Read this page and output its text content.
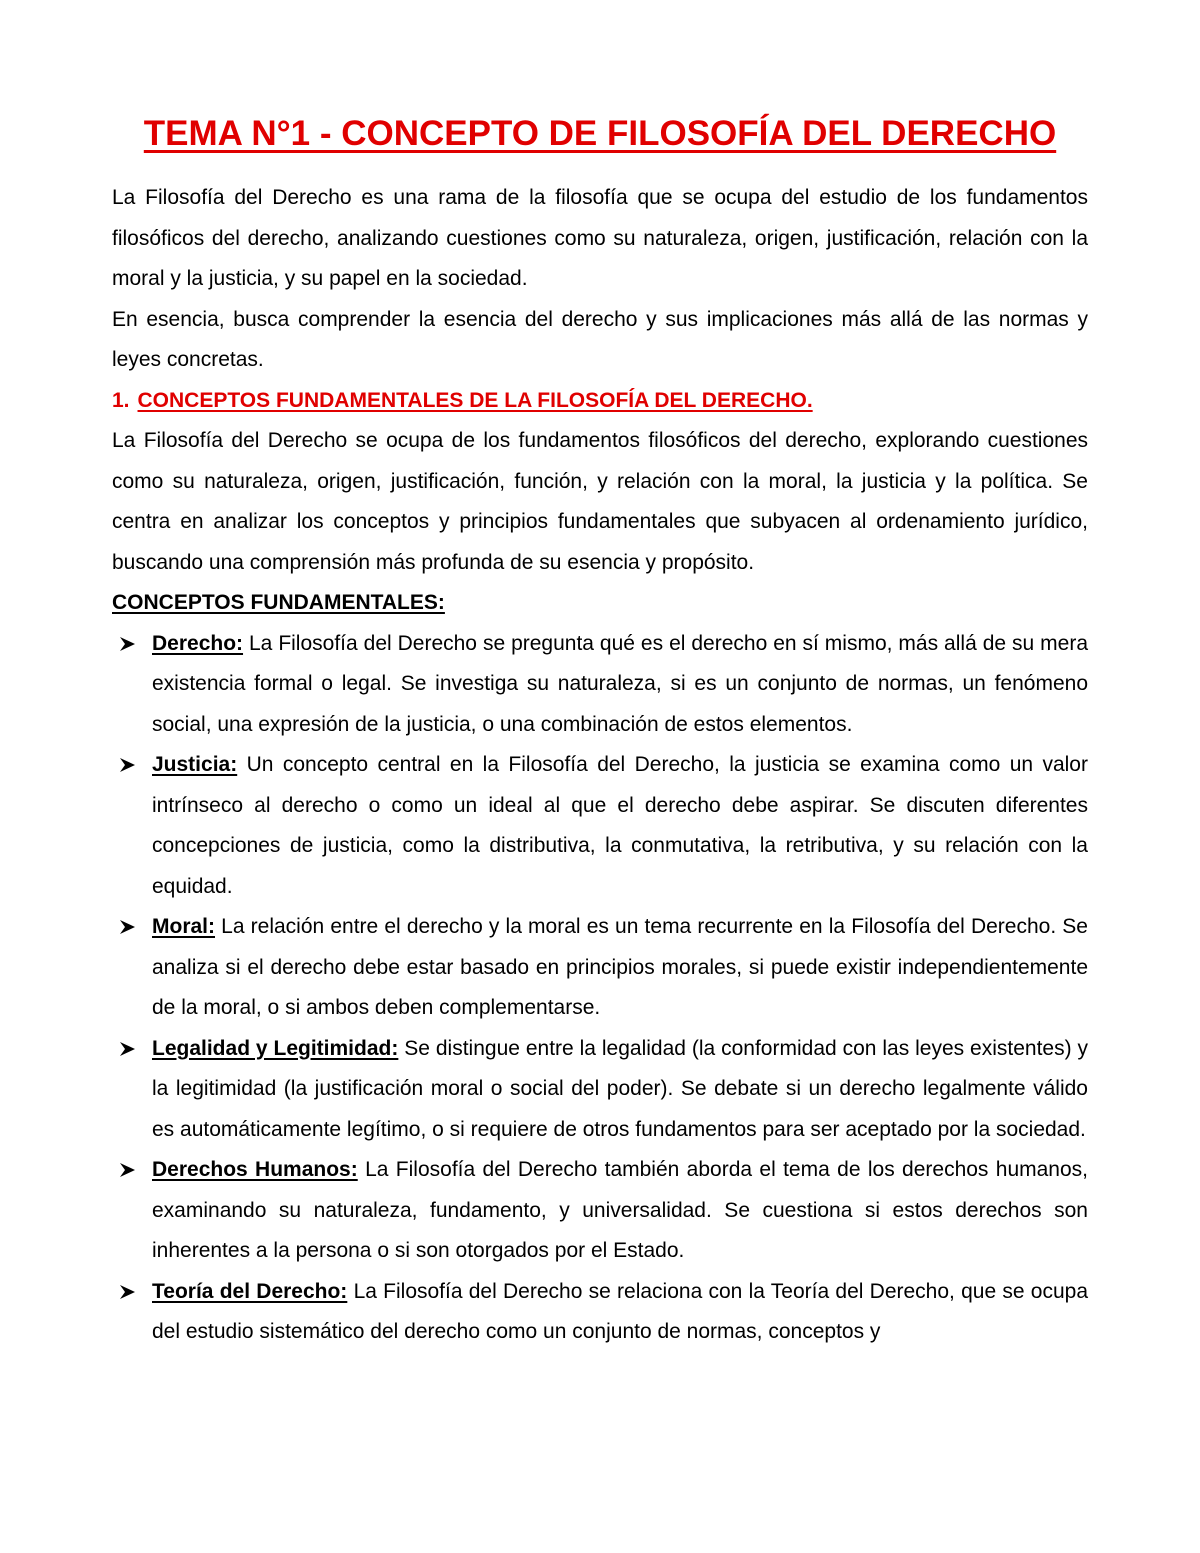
TEMA N°1 - CONCEPTO DE FILOSOFÍA DEL DERECHO

La Filosofía del Derecho es una rama de la filosofía que se ocupa del estudio de los fundamentos filosóficos del derecho, analizando cuestiones como su naturaleza, origen, justificación, relación con la moral y la justicia, y su papel en la sociedad.

En esencia, busca comprender la esencia del derecho y sus implicaciones más allá de las normas y leyes concretas.

1. CONCEPTOS FUNDAMENTALES DE LA FILOSOFÍA DEL DERECHO.

La Filosofía del Derecho se ocupa de los fundamentos filosóficos del derecho, explorando cuestiones como su naturaleza, origen, justificación, función, y relación con la moral, la justicia y la política. Se centra en analizar los conceptos y principios fundamentales que subyacen al ordenamiento jurídico, buscando una comprensión más profunda de su esencia y propósito.

CONCEPTOS FUNDAMENTALES:

Derecho: La Filosofía del Derecho se pregunta qué es el derecho en sí mismo, más allá de su mera existencia formal o legal. Se investiga su naturaleza, si es un conjunto de normas, un fenómeno social, una expresión de la justicia, o una combinación de estos elementos.
Justicia: Un concepto central en la Filosofía del Derecho, la justicia se examina como un valor intrínseco al derecho o como un ideal al que el derecho debe aspirar. Se discuten diferentes concepciones de justicia, como la distributiva, la conmutativa, la retributiva, y su relación con la equidad.
Moral: La relación entre el derecho y la moral es un tema recurrente en la Filosofía del Derecho. Se analiza si el derecho debe estar basado en principios morales, si puede existir independientemente de la moral, o si ambos deben complementarse.
Legalidad y Legitimidad: Se distingue entre la legalidad (la conformidad con las leyes existentes) y la legitimidad (la justificación moral o social del poder). Se debate si un derecho legalmente válido es automáticamente legítimo, o si requiere de otros fundamentos para ser aceptado por la sociedad.
Derechos Humanos: La Filosofía del Derecho también aborda el tema de los derechos humanos, examinando su naturaleza, fundamento, y universalidad. Se cuestiona si estos derechos son inherentes a la persona o si son otorgados por el Estado.
Teoría del Derecho: La Filosofía del Derecho se relaciona con la Teoría del Derecho, que se ocupa del estudio sistemático del derecho como un conjunto de normas, conceptos y
